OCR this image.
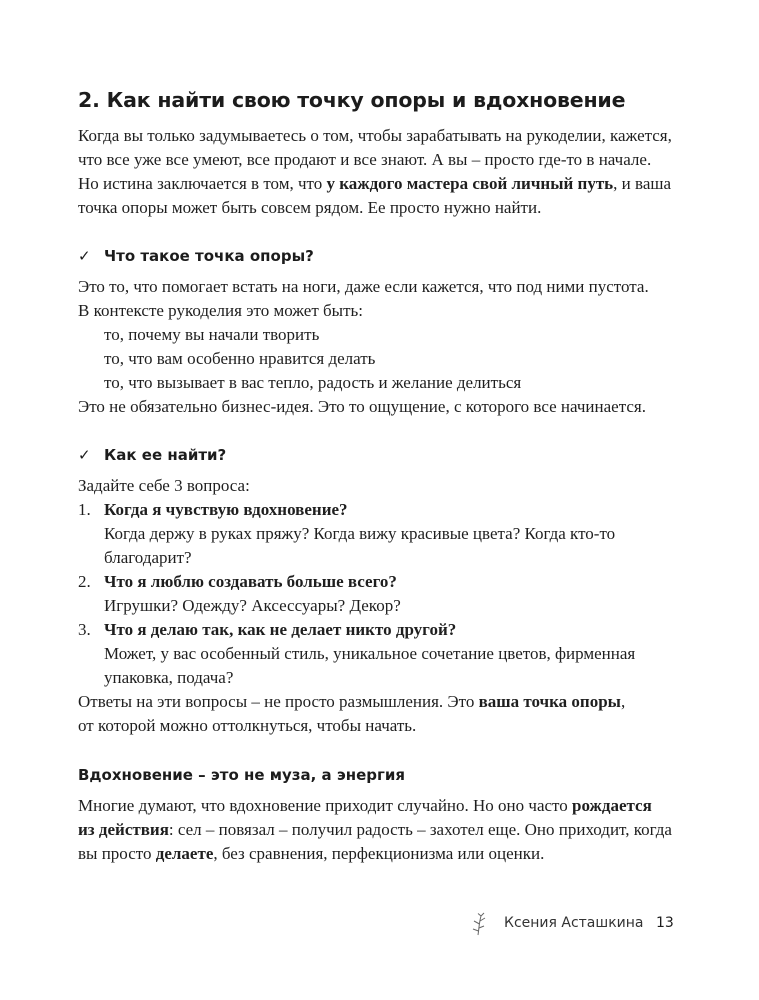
2. Как найти свою точку опоры и вдохновение

Когда вы только задумываетесь о том, чтобы зарабатывать на рукоделии, кажется,

что все уже все умеют, все продают и все знают. А вы – просто где-то в начале.

Но истина заключается в том, что у каждого мастера свой личный путь, и ваша

точка опоры может быть совсем рядом. Ее просто нужно найти.

✓ Что такое точка опоры?

Это то, что помогает встать на ноги, даже если кажется, что под ними пустота.

В контексте рукоделия это может быть:

то, почему вы начали творить

то, что вам особенно нравится делать

то, что вызывает в вас тепло, радость и желание делиться

Это не обязательно бизнес-идея. Это то ощущение, с которого все начинается.

✓ Как ее найти?

Задайте себе 3 вопроса:

1. Когда я чувствую вдохновение?

Когда держу в руках пряжу? Когда вижу красивые цвета? Когда кто-то

благодарит?

2. Что я люблю создавать больше всего?

Игрушки? Одежду? Аксессуары? Декор?

3. Что я делаю так, как не делает никто другой?

Может, у вас особенный стиль, уникальное сочетание цветов, фирменная

упаковка, подача?

Ответы на эти вопросы – не просто размышления. Это ваша точка опоры,

от которой можно оттолкнуться, чтобы начать.

Вдохновение – это не муза, а энергия

Многие думают, что вдохновение приходит случайно. Но оно часто рождается

из действия: сел – повязал – получил радость – захотел еще. Оно приходит, когда

вы просто делаете, без сравнения, перфекционизма или оценки.

Ксения Асташкина 13
